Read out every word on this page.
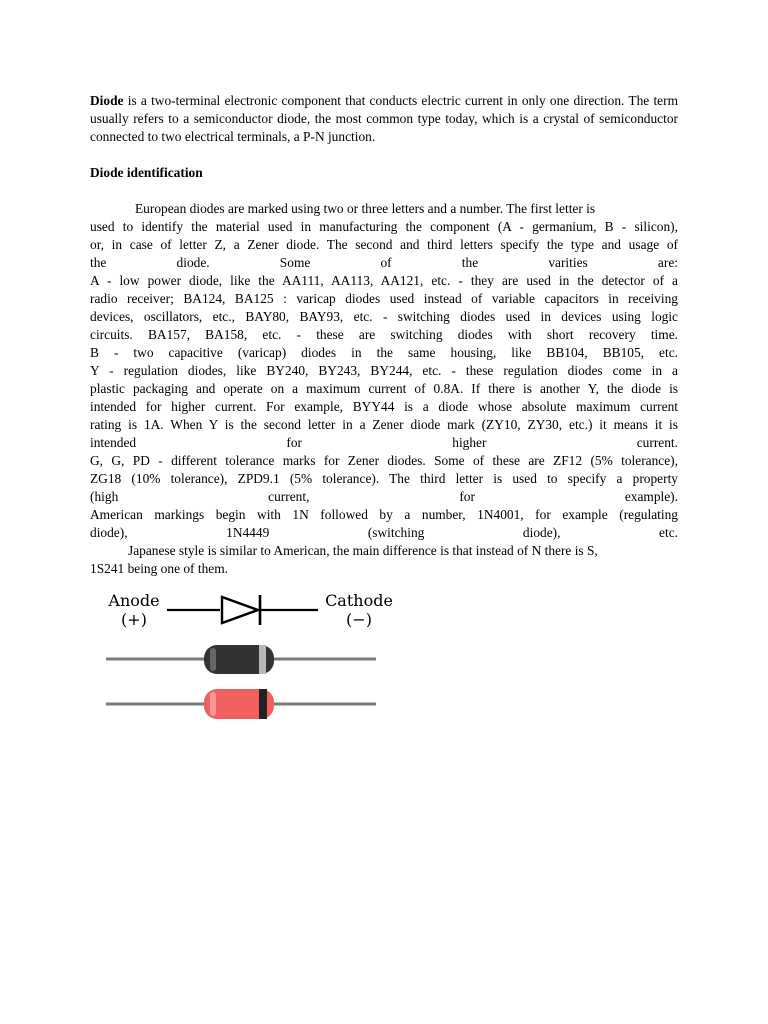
Diode is a two-terminal electronic component that conducts electric current in only one direction. The term usually refers to a semiconductor diode, the most common type today, which is a crystal of semiconductor connected to two electrical terminals, a P-N junction.

Diode identification
European diodes are marked using two or three letters and a number. The first letter is
used to identify the material used in manufacturing the component (A - germanium, B - silicon),
or, in case of letter Z, a Zener diode. The second and third letters specify the type and usage of
the diode. Some of the varities are:
A - low power diode, like the AA111, AA113, AA121, etc. - they are used in the detector of a
radio receiver; BA124, BA125 : varicap diodes used instead of variable capacitors in receiving
devices, oscillators, etc., BAY80, BAY93, etc. - switching diodes used in devices using logic
circuits. BA157, BA158, etc. - these are switching diodes with short recovery time.
B - two capacitive (varicap) diodes in the same housing, like BB104, BB105, etc.
Y - regulation diodes, like BY240, BY243, BY244, etc. - these regulation diodes come in a
plastic packaging and operate on a maximum current of 0.8A. If there is another Y, the diode is
intended for higher current. For example, BYY44 is a diode whose absolute maximum current
rating is 1A. When Y is the second letter in a Zener diode mark (ZY10, ZY30, etc.) it means it is
intended for higher current.
G, G, PD - different tolerance marks for Zener diodes. Some of these are ZF12 (5% tolerance),
ZG18 (10% tolerance), ZPD9.1 (5% tolerance). The third letter is used to specify a property
(high current, for example).
American markings begin with 1N followed by a number, 1N4001, for example (regulating
diode), 1N4449 (switching diode), etc.
Japanese style is similar to American, the main difference is that instead of N there is S,
1S241 being one of them.
Anode
(+)
Cathode
(−)
